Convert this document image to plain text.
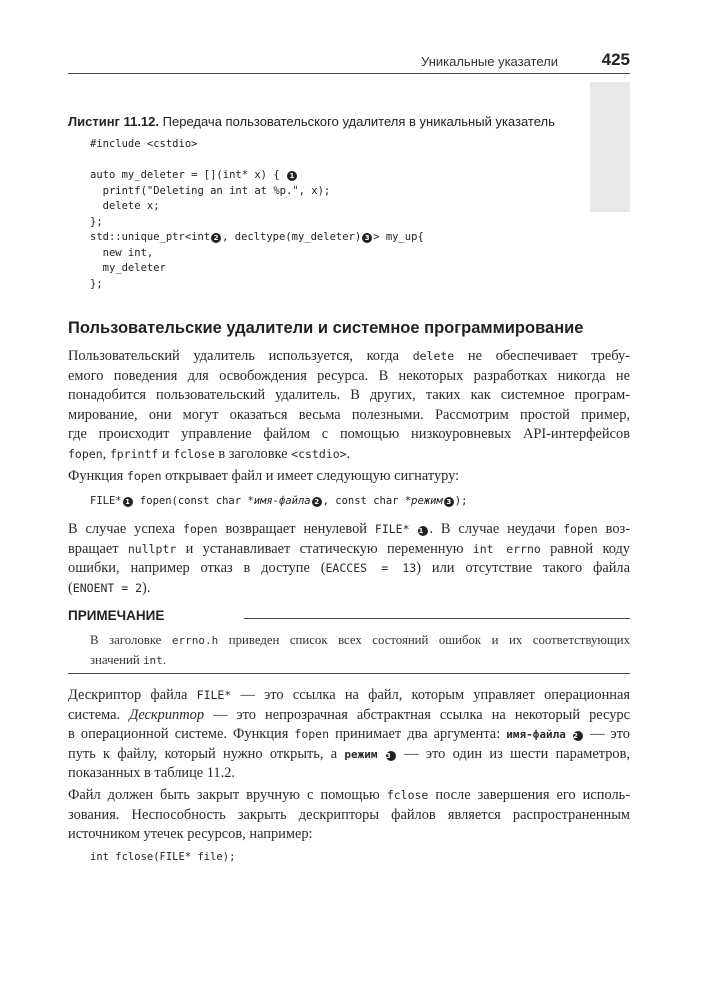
Уникальные указатели	425
Листинг 11.12. Передача пользовательского удалителя в уникальный указатель
#include <cstdio>

auto my_deleter = [](int* x) { 1
printf("Deleting an int at %p.", x);
delete x;
};
std::unique_ptr<int 2 , decltype(my_deleter) 3 > my_up{
new int,
my_deleter
};
Пользовательские удалители и системное программирование
Пользовательский удалитель используется, когда delete не обеспечивает требу-
емого поведения для освобождения ресурса. В некоторых разработках никогда не
понадобится пользовательский удалитель. В других, таких как системное програм-
мирование, они могут оказаться весьма полезными. Рассмотрим простой пример,
где происходит управление файлом с помощью низкоуровневых API-интерфейсов
fopen, fprintf и fclose в заголовке <cstdio>.
Функция fopen открывает файл и имеет следующую сигнатуру:
FILE* 1 fopen(const char *имя-файла 2 , const char *режим 3 );
В случае успеха fopen возвращает ненулевой FILE* 1 . В случае неудачи fopen воз-
вращает nullptr и устанавливает статическую переменную int errno равной коду
ошибки, например отказ в доступе (EACCES = 13) или отсутствие такого файла
(ENOENT = 2).
ПРИМЕЧАНИЕ
В заголовке errno.h приведен список всех состояний ошибок и их соответствующих
значений int.
Дескриптор файла FILE* — это ссылка на файл, которым управляет операционная
система. Дескриптор — это непрозрачная абстрактная ссылка на некоторый ресурс
в операционной системе. Функция fopen принимает два аргумента: имя-файла 2 — это
путь к файлу, который нужно открыть, а режим 3 — это один из шести параметров,
показанных в таблице 11.2.
Файл должен быть закрыт вручную с помощью fclose после завершения его исполь-
зования. Неспособность закрыть дескрипторы файлов является распространенным
источником утечек ресурсов, например:
int fclose(FILE* file);
